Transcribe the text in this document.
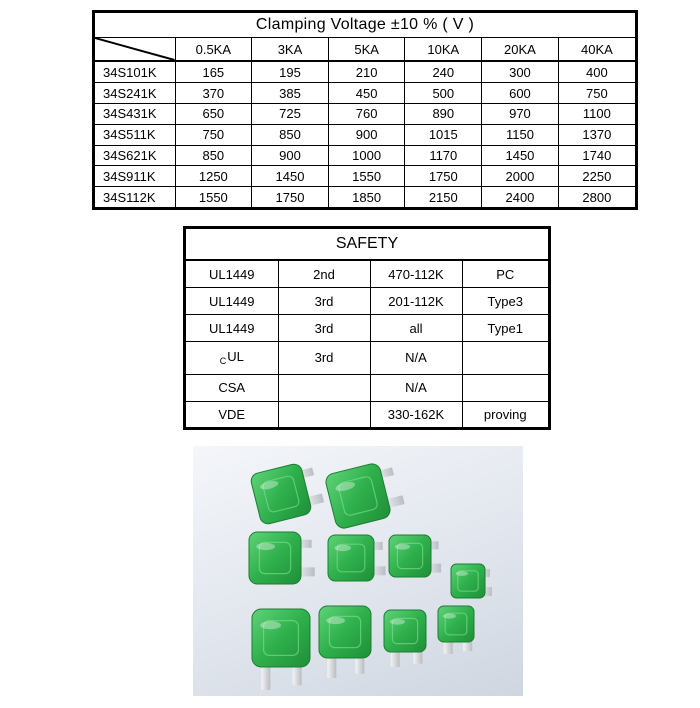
Clamping Voltage ±10 % ( V )						

	0.5KA	3KA	5KA	10KA	20KA	40KA
34S101K	165	195	210	240	300	400
34S241K	370	385	450	500	600	750
34S431K	650	725	760	890	970	1100
34S511K	750	850	900	1015	1150	1370
34S621K	850	900	1000	1170	1450	1740
34S911K	1250	1450	1550	1750	2000	2250
34S112K	1550	1750	1850	2150	2400	2800
SAFETY			
UL1449	2nd	470-112K	PC
UL1449	3rd	201-112K	Type3
UL1449	3rd	all	Type1
$_C$UL	3rd	N/A	
CSA		N/A	
VDE		330-162K	proving
